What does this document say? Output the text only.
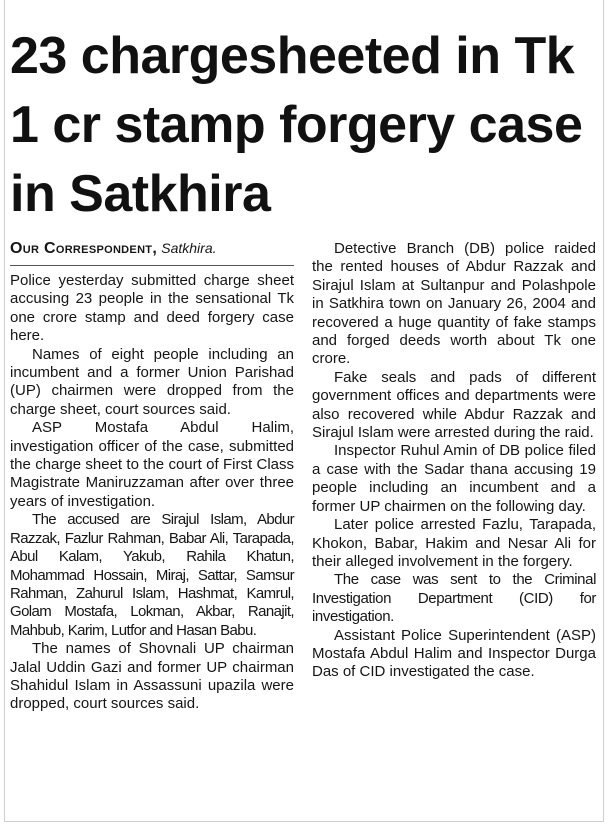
23 chargesheeted in Tk 1 cr stamp forgery case in Satkhira
Our Correspondent, Satkhira.

Police yesterday submitted charge sheet accusing 23 people in the sensational Tk one crore stamp and deed forgery case here.

Names of eight people including an incumbent and a former Union Parishad (UP) chairmen were dropped from the charge sheet, court sources said.

ASP Mostafa Abdul Halim, investigation officer of the case, submitted the charge sheet to the court of First Class Magistrate Maniruzzaman after over three years of investigation.

The accused are Sirajul Islam, Abdur Razzak, Fazlur Rahman, Babar Ali, Tarapada, Abul Kalam, Yakub, Rahila Khatun, Mohammad Hossain, Miraj, Sattar, Samsur Rahman, Zahurul Islam, Hashmat, Kamrul, Golam Mostafa, Lokman, Akbar, Ranajit, Mahbub, Karim, Lutfor and Hasan Babu.

The names of Shovnali UP chairman Jalal Uddin Gazi and former UP chairman Shahidul Islam in Assassuni upazila were dropped, court sources said.

Detective Branch (DB) police raided the rented houses of Abdur Razzak and Sirajul Islam at Sultanpur and Polashpole in Satkhira town on January 26, 2004 and recovered a huge quantity of fake stamps and forged deeds worth about Tk one crore.

Fake seals and pads of different government offices and departments were also recovered while Abdur Razzak and Sirajul Islam were arrested during the raid.

Inspector Ruhul Amin of DB police filed a case with the Sadar thana accusing 19 people including an incumbent and a former UP chairmen on the following day.

Later police arrested Fazlu, Tarapada, Khokon, Babar, Hakim and Nesar Ali for their alleged involvement in the forgery.

The case was sent to the Criminal Investigation Department (CID) for investigation.

Assistant Police Superintendent (ASP) Mostafa Abdul Halim and Inspector Durga Das of CID investigated the case.
